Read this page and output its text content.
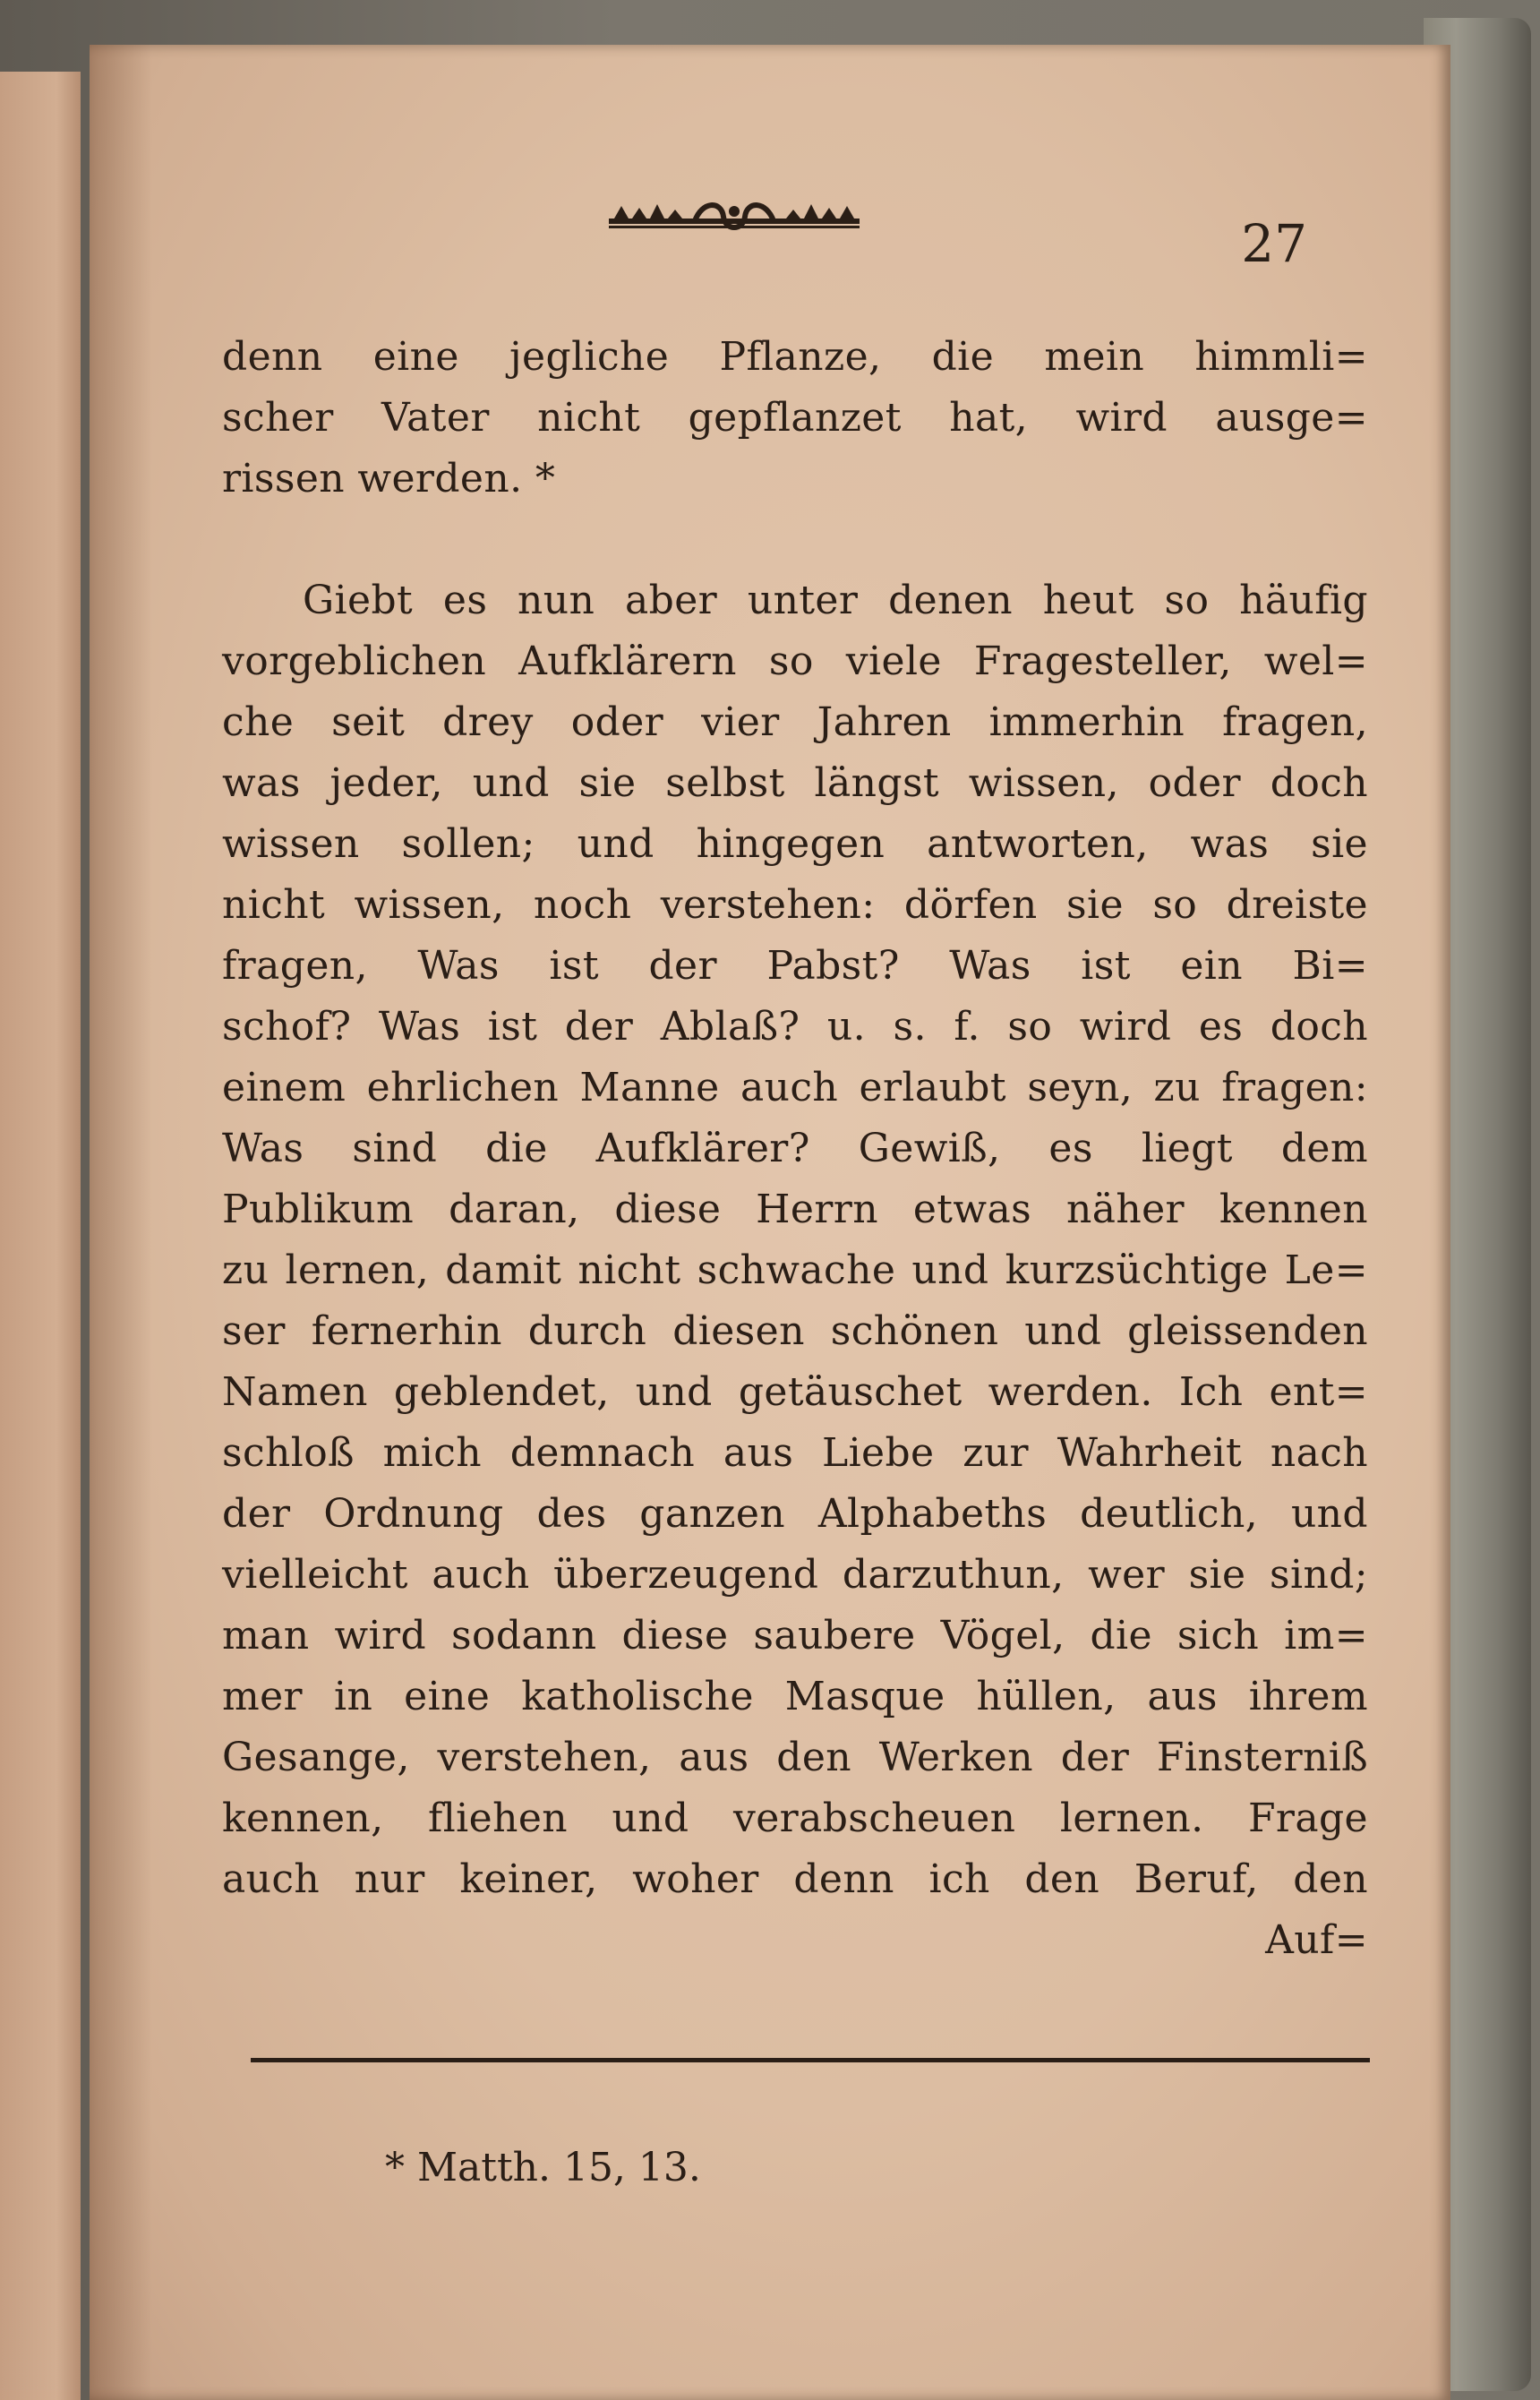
27
denn eine jegliche Pflanze, die mein himmli=
scher Vater nicht gepflanzet hat, wird ausge=
rissen werden. *
Giebt es nun aber unter denen heut so häufig
vorgeblichen Aufklärern so viele Fragesteller, wel=
che seit drey oder vier Jahren immerhin fragen,
was jeder, und sie selbst längst wissen, oder doch
wissen sollen; und hingegen antworten, was sie
nicht wissen, noch verstehen: dörfen sie so dreiste
fragen, Was ist der Pabst? Was ist ein Bi=
schof? Was ist der Ablaß? u. s. f. so wird es doch
einem ehrlichen Manne auch erlaubt seyn, zu fragen:
Was sind die Aufklärer? Gewiß, es liegt dem
Publikum daran, diese Herrn etwas näher kennen
zu lernen, damit nicht schwache und kurzsüchtige Le=
ser fernerhin durch diesen schönen und gleissenden
Namen geblendet, und getäuschet werden. Ich ent=
schloß mich demnach aus Liebe zur Wahrheit nach
der Ordnung des ganzen Alphabeths deutlich, und
vielleicht auch überzeugend darzuthun, wer sie sind;
man wird sodann diese saubere Vögel, die sich im=
mer in eine katholische Masque hüllen, aus ihrem
Gesange, verstehen, aus den Werken der Finsterniß
kennen, fliehen und verabscheuen lernen. Frage
auch nur keiner, woher denn ich den Beruf, den
Auf=
* Matth. 15, 13.
